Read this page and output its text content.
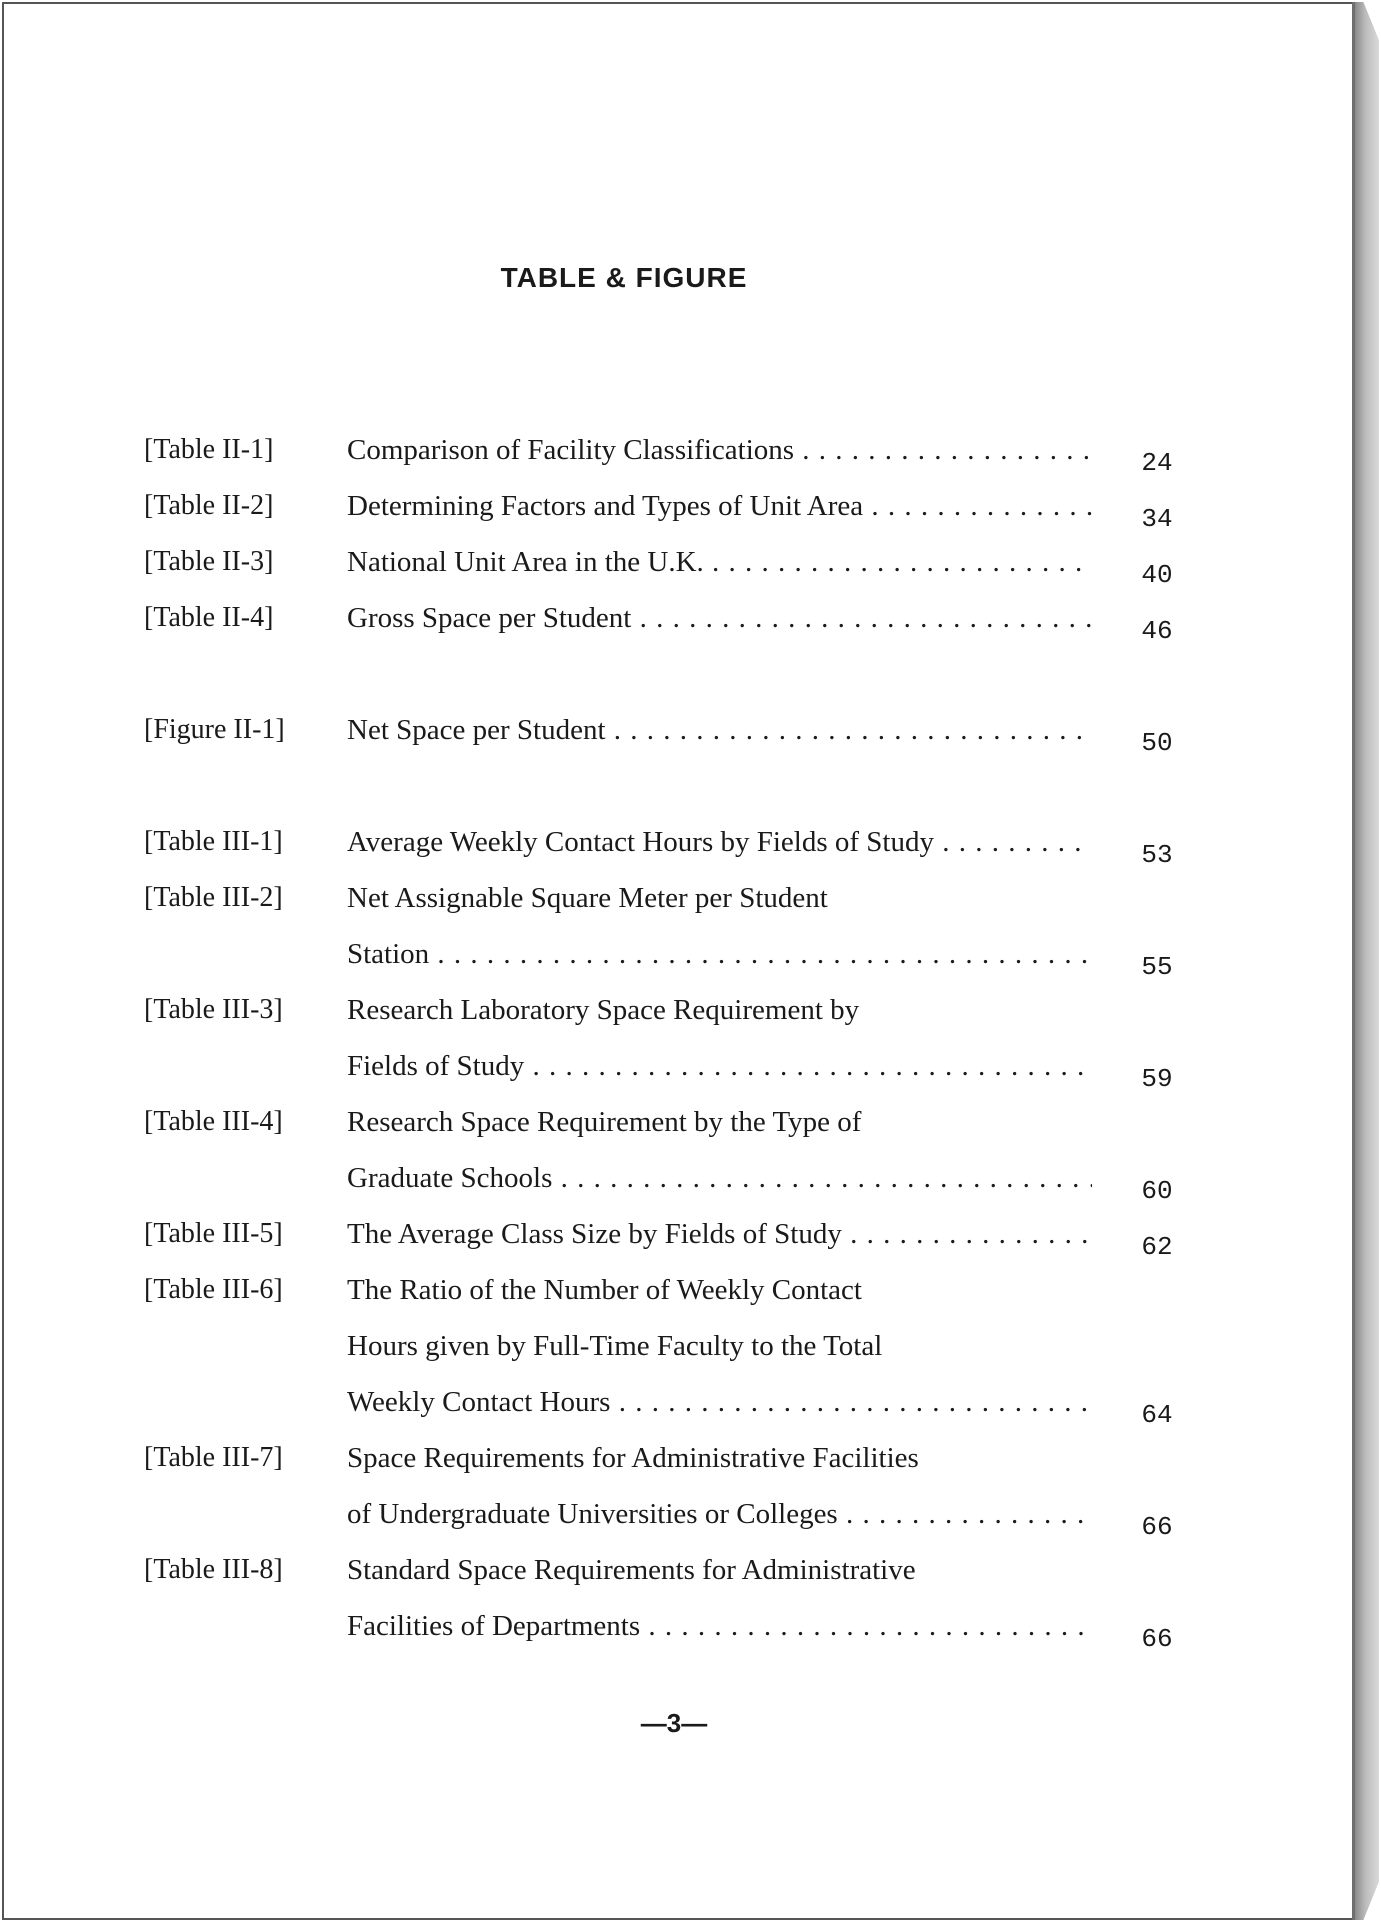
TABLE & FIGURE
[Table II-1]	Comparison of Facility Classifications . . .	24
[Table II-2]	Determining Factors and Types of Unit Area . . .	34
[Table II-3]	National Unit Area in the U.K. . . .	40
[Table II-4]	Gross Space per Student . . .	46
[Figure II-1] Net Space per Student . . .	50
[Table III-1] Average Weekly Contact Hours by Fields of Study . . .	53
[Table III-2] Net Assignable Square Meter per Student
Station . . .	55
[Table III-3] Research Laboratory Space Requirement by
Fields of Study . . .	59
[Table III-4] Research Space Requirement by the Type of
Graduate Schools . . .	60
[Table III-5] The Average Class Size by Fields of Study . . .	62
[Table III-6] The Ratio of the Number of Weekly Contact
Hours given by Full-Time Faculty to the Total
Weekly Contact Hours . . .	64
[Table III-7] Space Requirements for Administrative Facilities
of Undergraduate Universities or Colleges . . .	66
[Table III-8] Standard Space Requirements for Administrative
Facilities of Departments . . .	66
—3—
